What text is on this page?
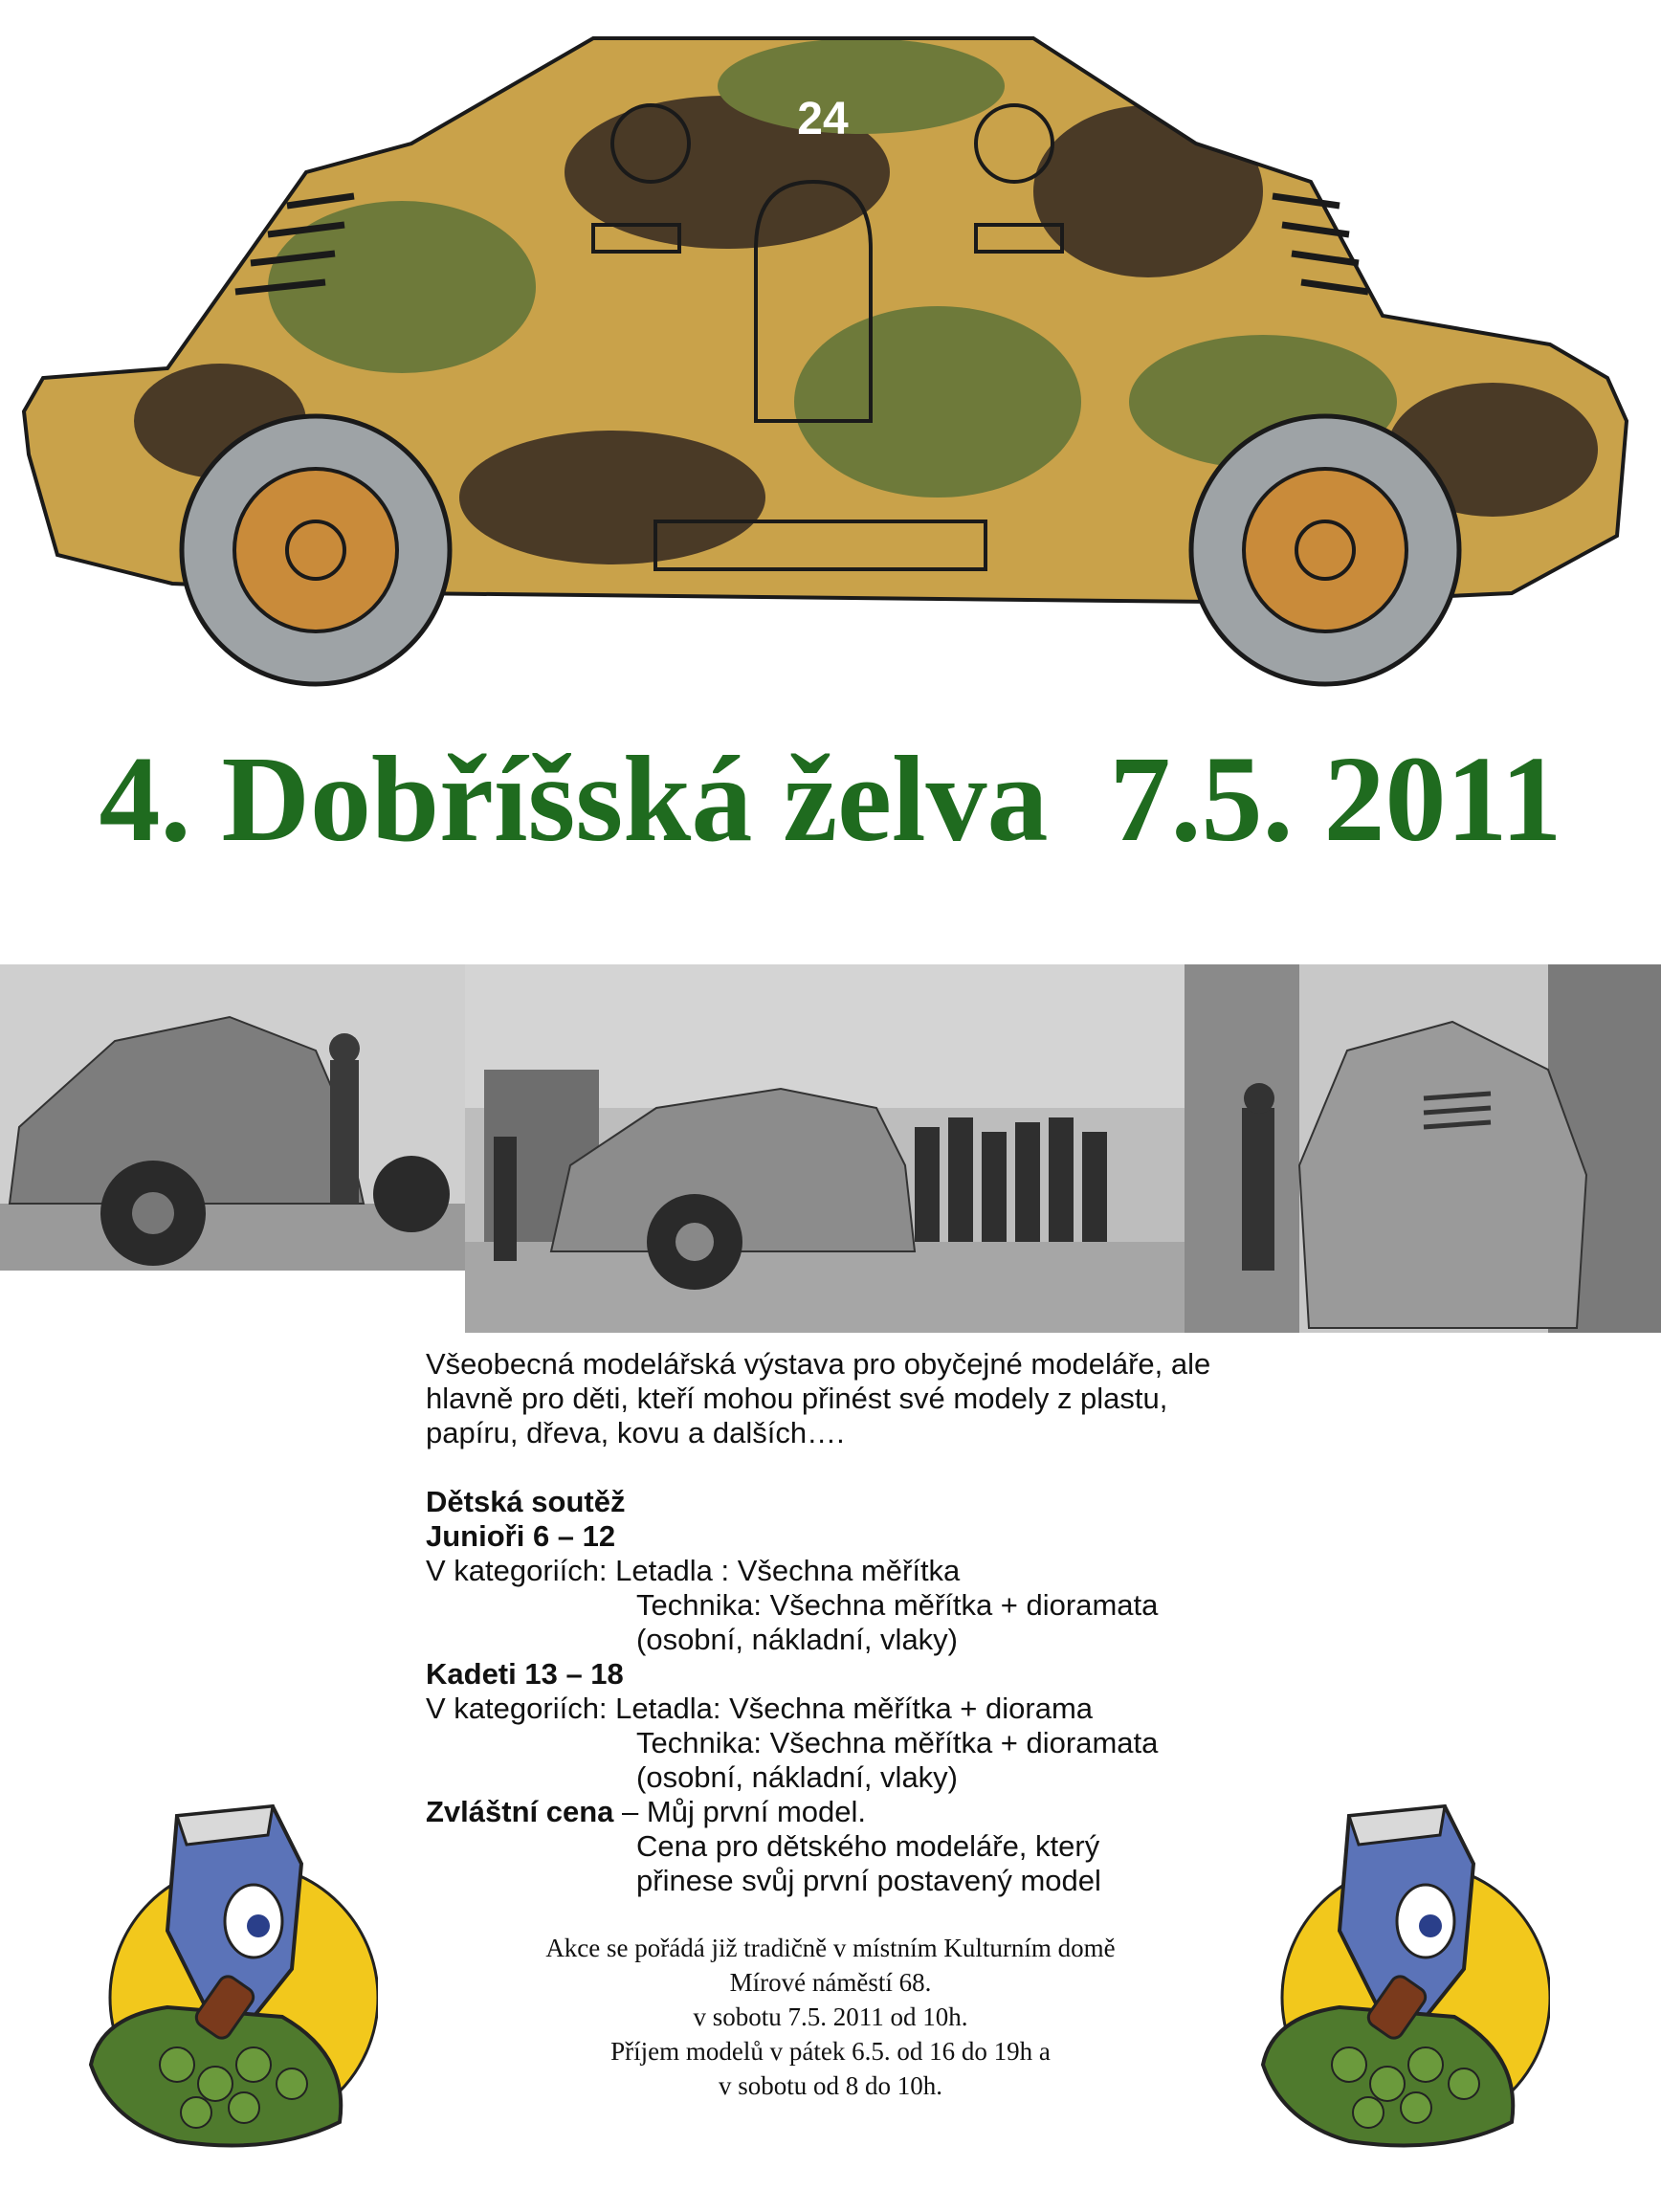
24
4. Dobříšská želva  7.5. 2011

Všeobecná modelářská výstava pro obyčejné modeláře, ale

hlavně pro děti, kteří mohou přinést své modely z plastu,

papíru, dřeva, kovu a dalších….

Dětská soutěž

Junioři 6 – 12

V kategoriích: Letadla : Všechna měřítka

Technika: Všechna měřítka + dioramata

(osobní, nákladní, vlaky)

Kadeti 13 – 18

V kategoriích: Letadla: Všechna měřítka + diorama

Technika: Všechna měřítka + dioramata

(osobní, nákladní, vlaky)

Zvláštní cena – Můj první model.

Cena pro dětského modeláře, který

přinese svůj první postavený model

Akce se pořádá již tradičně v místním Kulturním domě

Mírové náměstí 68.

v sobotu 7.5. 2011 od 10h.

Příjem modelů v pátek 6.5. od 16 do 19h a

v sobotu od 8 do 10h.
